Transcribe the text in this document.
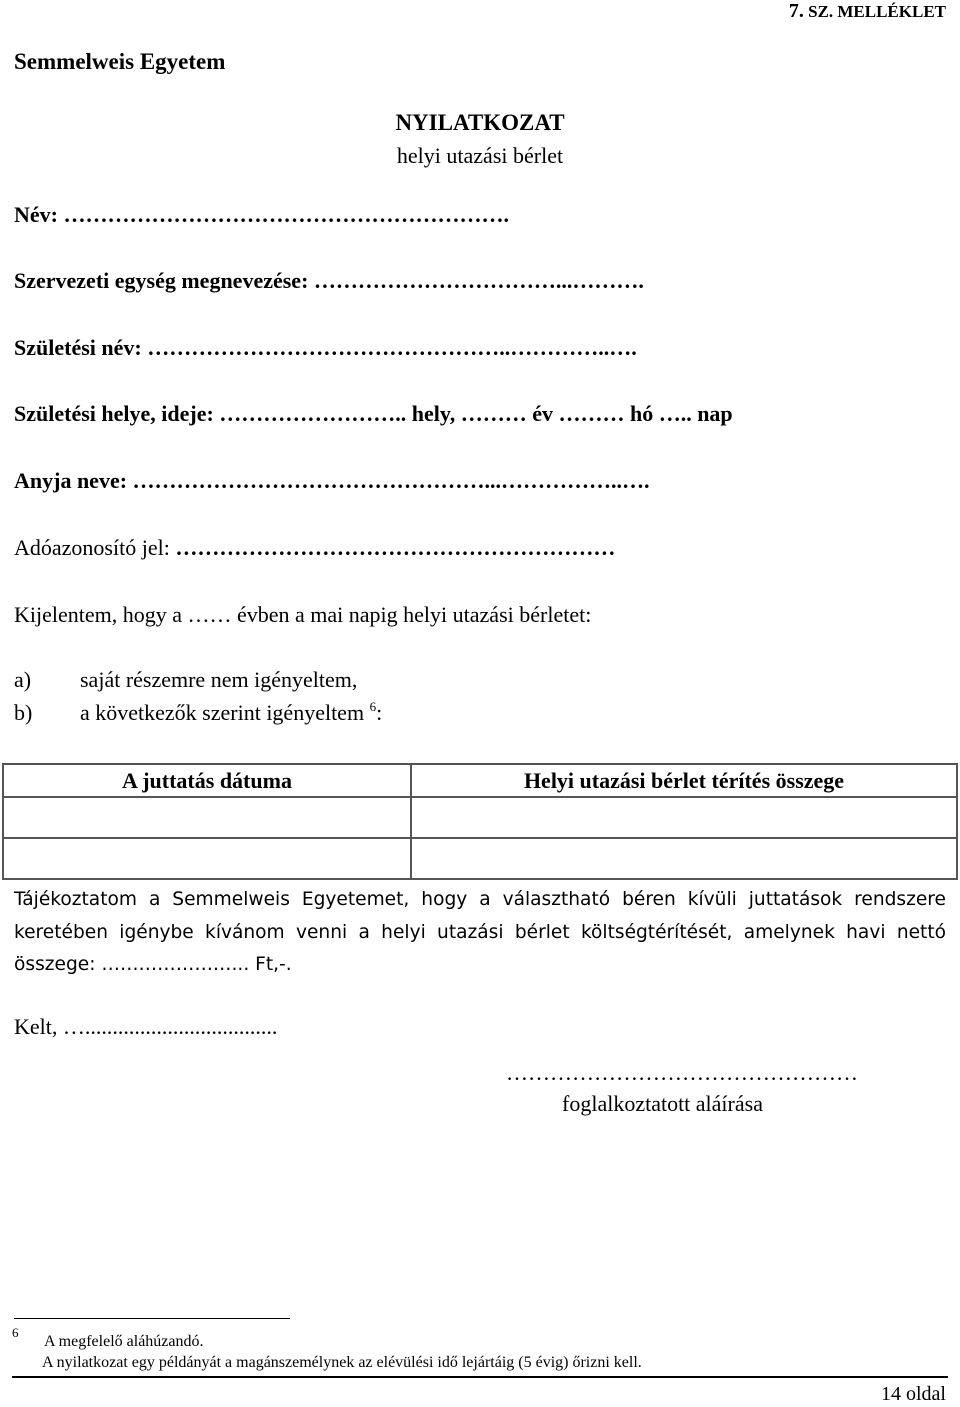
7. SZ. MELLÉKLET
Semmelweis Egyetem
NYILATKOZAT
helyi utazási bérlet
Név: …………………………………………………….
Szervezeti egység megnevezése: ……………………………...……….
Születési név: …………………………………………..…………..….
Születési helye, ideje: …………………….. hely, ……… év ……… hó ….. nap
Anyja neve: …………………………………………...……………..….
Adóazonosító jel: ……………………………………………………
Kijelentem, hogy a …… évben a mai napig helyi utazási bérletet:
a) saját részemre nem igényeltem,
b) a következők szerint igényeltem $^6$:
A juttatás dátuma	Helyi utazási bérlet térítés összege

Tájékoztatom a Semmelweis Egyetemet, hogy a választható béren kívüli juttatások rendszere keretében igénybe kívánom venni a helyi utazási bérlet költségtérítését, amelynek havi nettó összege: …………………... Ft,-.
Kelt, …...................................
…………………………………………
foglalkoztatott aláírása
6
A megfelelő aláhúzandó.
A nyilatkozat egy példányát a magánszemélynek az elévülési idő lejártáig (5 évig) őrizni kell.
14 oldal
